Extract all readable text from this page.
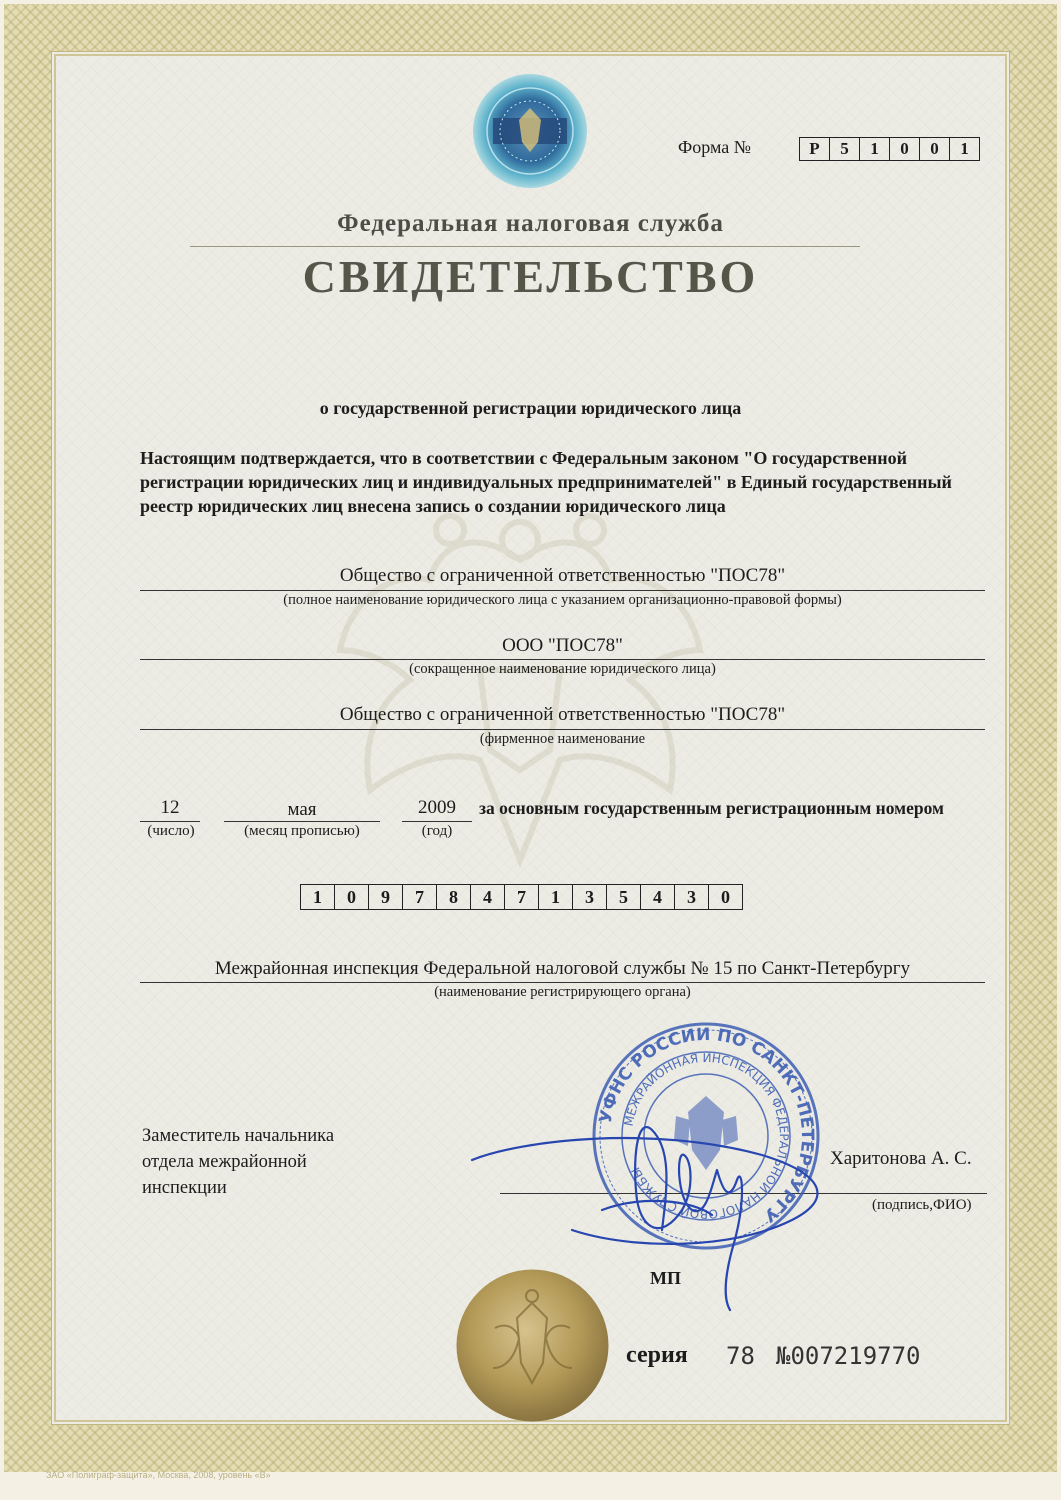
Форма №	Р	5	1	0	0	1
Федеральная налоговая служба
СВИДЕТЕЛЬСТВО
о государственной регистрации юридического лица
Настоящим подтверждается, что в соответствии с Федеральным законом "О государственной регистрации юридических лиц и индивидуальных предпринимателей" в Единый государственный реестр юридических лиц внесена запись о создании юридического лица
Общество с ограниченной ответственностью "ПОС78"
(полное наименование юридического лица с указанием организационно-правовой формы)
ООО "ПОС78"
(сокращенное наименование юридического лица)
Общество с ограниченной ответственностью "ПОС78"
(фирменное наименование
12
(число)
мая
(месяц прописью)
2009
(год)
за основным государственным регистрационным номером
1	0	9	7	8	4	7	1	3	5	4	3	0
Межрайонная инспекция Федеральной налоговой службы № 15 по Санкт-Петербургу
(наименование регистрирующего органа)
Заместитель начальника
отдела межрайонной
инспекции
Харитонова А. С.
(подпись,ФИО)
УФНС РОССИИ ПО САНКТ-ПЕТЕРБУРГУ
МЕЖРАЙОННАЯ ИНСПЕКЦИЯ ФЕДЕРАЛЬНОЙ НАЛОГОВОЙ СЛУЖБЫ
МП
серия 78 №007219770
ЗАО «Полиграф-защита», Москва, 2008, уровень «В»
